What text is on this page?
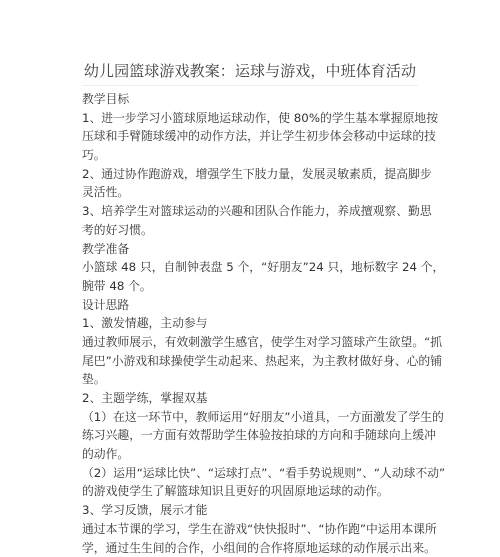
幼儿园篮球游戏教案：运球与游戏，中班体育活动
教学目标
1、进一步学习小篮球原地运球动作，使 80%的学生基本掌握原地按
压球和手臂随球缓冲的动作方法，并让学生初步体会移动中运球的技
巧。
2、通过协作跑游戏，增强学生下肢力量，发展灵敏素质，提高脚步
灵活性。
3、培养学生对篮球运动的兴趣和团队合作能力，养成擅观察、勤思
考的好习惯。
教学准备
小篮球 48 只，自制钟表盘 5 个，“好朋友”24 只，地标数字 24 个，
腕带 48 个。
设计思路
1、激发情趣，主动参与
通过教师展示，有效刺激学生感官，使学生对学习篮球产生欲望。“抓
尾巴”小游戏和球操使学生动起来、热起来，为主教材做好身、心的铺
垫。
2、主题学练，掌握双基
（1）在这一环节中，教师运用“好朋友”小道具，一方面激发了学生的
练习兴趣，一方面有效帮助学生体验按拍球的方向和手随球向上缓冲
的动作。
（2）运用“运球比快”、“运球打点”、“看手势说规则”、“人动球不动”
的游戏使学生了解篮球知识且更好的巩固原地运球的动作。
3、学习反馈，展示才能
通过本节课的学习，学生在游戏“快快报时”、“协作跑”中运用本课所
学，通过生生间的合作，小组间的合作将原地运球的动作展示出来。
